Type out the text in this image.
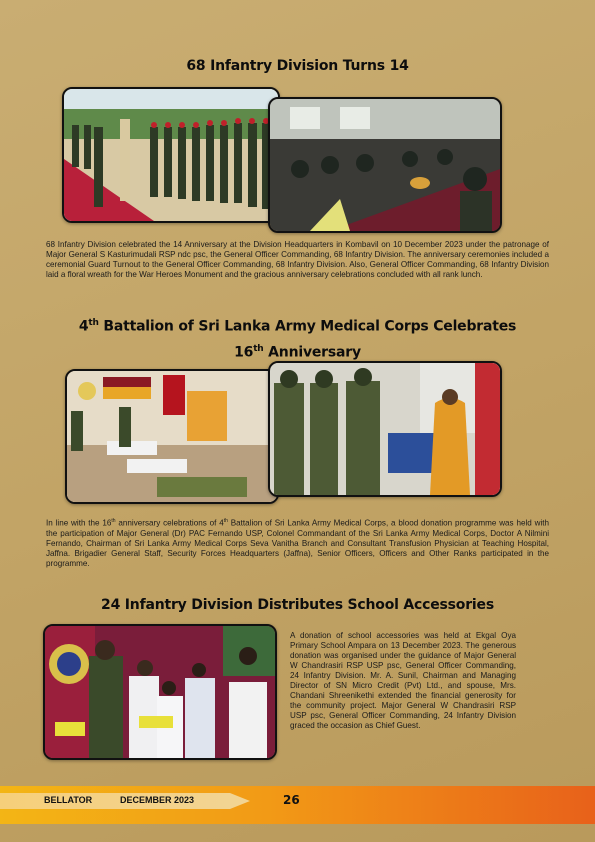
68 Infantry Division Turns 14
68 Infantry Division celebrated the 14 Anniversary at the Division Headquarters in Kombavil on 10 December 2023 under the patronage of Major General S Kasturimudali RSP ndc psc, the General Officer Commanding, 68 Infantry Division. The anniversary ceremonies included a ceremonial Guard Turnout to the General Officer Commanding, 68 Infantry Division. Also, General Officer Commanding, 68 Infantry Division laid a floral wreath for the War Heroes Monument and the gracious anniversary celebrations concluded with all rank lunch.
4th Battalion of Sri Lanka Army Medical Corps Celebrates
16th Anniversary
In line with the 16th anniversary celebrations of 4th Battalion of Sri Lanka Army Medical Corps, a blood donation programme was held with the participation of Major General (Dr) PAC Fernando USP, Colonel Commandant of the Sri Lanka Army Medical Corps, Doctor A Nilmini Fernando, Chairman of Sri Lanka Army Medical Corps Seva Vanitha Branch and Consultant Transfusion Physician at Teaching Hospital, Jaffna. Brigadier General Staff, Security Forces Headquarters (Jaffna), Senior Officers, Officers and Other Ranks participated in the programme.
24 Infantry Division Distributes School Accessories
A donation of school accessories was held at Ekgal Oya Primary School Ampara on 13 December 2023. The generous donation was organised under the guidance of Major General W Chandrasiri RSP USP psc, General Officer Commanding, 24 Infantry Division. Mr. A. Sunil, Chairman and Managing Director of SN Micro Credit (Pvt) Ltd., and spouse, Mrs. Chandani Shreenikethi extended the financial generosity for the community project. Major General W Chandrasiri RSP USP psc, General Officer Commanding, 24 Infantry Division graced the occasion as Chief Guest.
BELLATOR	DECEMBER 2023	26
